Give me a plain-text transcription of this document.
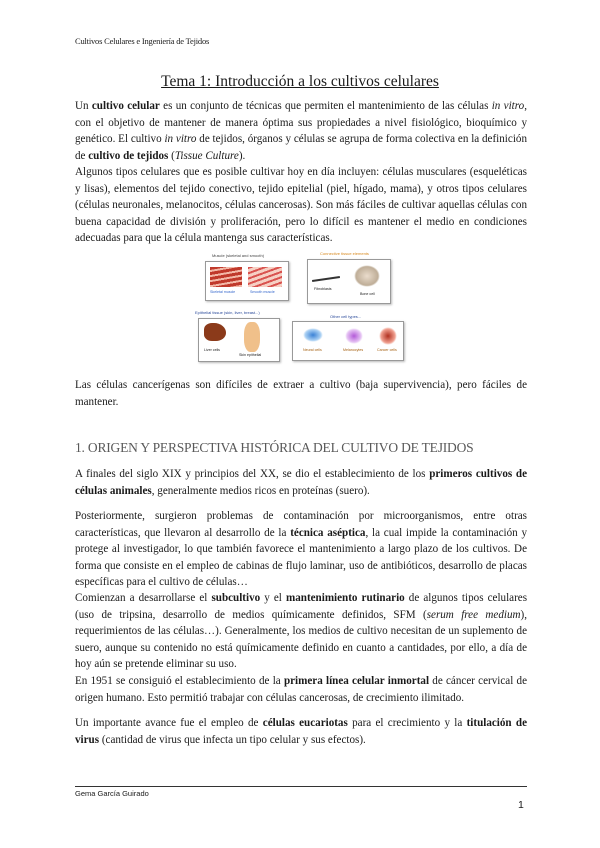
Cultivos Celulares e Ingeniería de Tejidos
Tema 1: Introducción a los cultivos celulares
Un cultivo celular es un conjunto de técnicas que permiten el mantenimiento de las células in vitro, con el objetivo de mantener de manera óptima sus propiedades a nivel fisiológico, bioquímico y genético. El cultivo in vitro de tejidos, órganos y células se agrupa de forma colectiva en la definición de cultivo de tejidos (Tissue Culture).
Algunos tipos celulares que es posible cultivar hoy en día incluyen: células musculares (esqueléticas y lisas), elementos del tejido conectivo, tejido epitelial (piel, hígado, mama), y otros tipos celulares (células neuronales, melanocitos, células cancerosas). Son más fáciles de cultivar aquellas células con buena capacidad de división y proliferación, pero lo difícil es mantener el medio en condiciones adecuadas para que la célula mantenga sus características.
Muscle (skeletal and smooth)
Skeletal muscle	Smooth muscle
Connective tissue elements
Fibroblasts
Bone cell
Epithelial tissue (skin, liver, breast...)
Liver cells
Skin epithelial
Other cell types...
Neural cells	Melanocytes	Cancer cells
Las células cancerígenas son difíciles de extraer a cultivo (baja supervivencia), pero fáciles de mantener.
1. ORIGEN Y PERSPECTIVA HISTÓRICA DEL CULTIVO DE TEJIDOS
A finales del siglo XIX y principios del XX, se dio el establecimiento de los primeros cultivos de células animales, generalmente medios ricos en proteínas (suero).
Posteriormente, surgieron problemas de contaminación por microorganismos, entre otras características, que llevaron al desarrollo de la técnica aséptica, la cual impide la contaminación y protege al investigador, lo que también favorece el mantenimiento a largo plazo de los cultivos. De forma que consiste en el empleo de cabinas de flujo laminar, uso de antibióticos, desarrollo de placas específicas para el cultivo de células…
Comienzan a desarrollarse el subcultivo y el mantenimiento rutinario de algunos tipos celulares (uso de tripsina, desarrollo de medios químicamente definidos, SFM (serum free medium), requerimientos de las células…). Generalmente, los medios de cultivo necesitan de un suplemento de suero, aunque su contenido no está químicamente definido en cuanto a cantidades, por ello, a día de hoy aún se pretende eliminar su uso.
En 1951 se consiguió el establecimiento de la primera línea celular inmortal de cáncer cervical de origen humano. Esto permitió trabajar con células cancerosas, de crecimiento ilimitado.
Un importante avance fue el empleo de células eucariotas para el crecimiento y la titulación de virus (cantidad de virus que infecta un tipo celular y sus efectos).
Gema García Guirado
1
